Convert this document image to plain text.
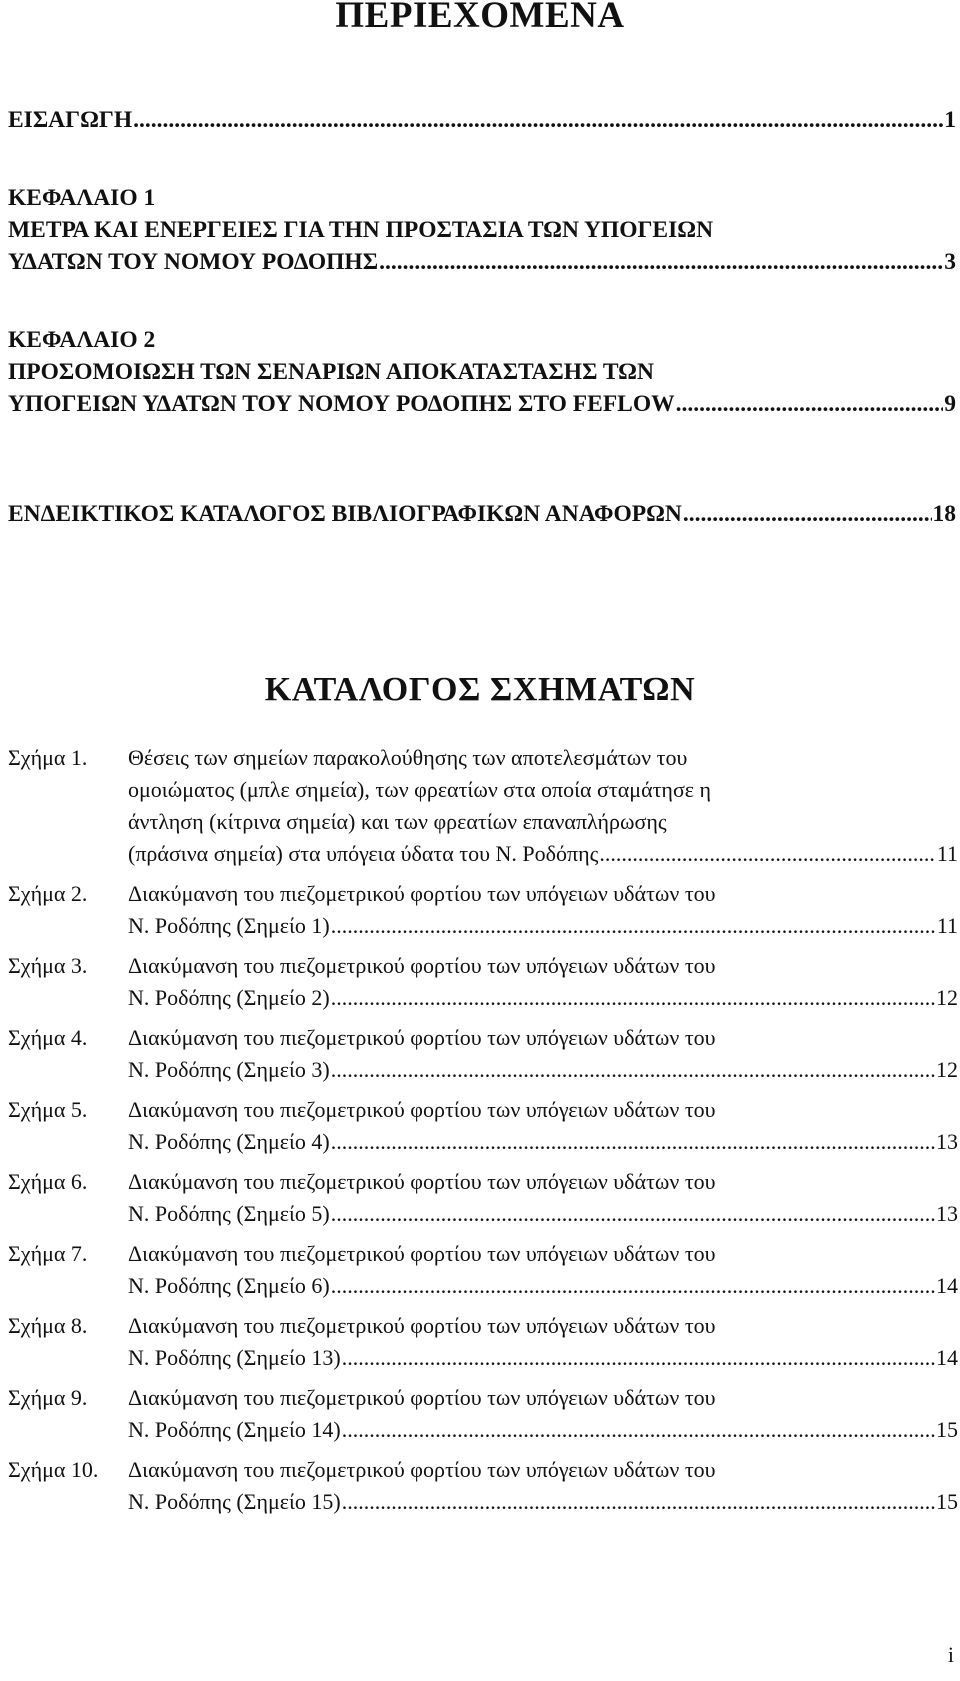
ΠΕΡΙΕΧΟΜΕΝΑ
ΕΙΣΑΓΩΓΗ .....	1
ΚΕΦΑΛΑΙΟ 1
ΜΕΤΡΑ ΚΑΙ ΕΝΕΡΓΕΙΕΣ ΓΙΑ ΤΗΝ ΠΡΟΣΤΑΣΙΑ ΤΩΝ ΥΠΟΓΕΙΩΝ
ΥΔΑΤΩΝ ΤΟΥ ΝΟΜΟΥ ΡΟΔΟΠΗΣ .....	3
ΚΕΦΑΛΑΙΟ 2
ΠΡΟΣΟΜΟΙΩΣΗ ΤΩΝ ΣΕΝΑΡΙΩΝ ΑΠΟΚΑΤΑΣΤΑΣΗΣ ΤΩΝ
ΥΠΟΓΕΙΩΝ ΥΔΑΤΩΝ ΤΟΥ ΝΟΜΟΥ ΡΟΔΟΠΗΣ ΣΤΟ FEFLOW .....	9
ΕΝΔΕΙΚΤΙΚΟΣ ΚΑΤΑΛΟΓΟΣ ΒΙΒΛΙΟΓΡΑΦΙΚΩΝ ΑΝΑΦΟΡΩΝ .....	18
ΚΑΤΑΛΟΓΟΣ ΣΧΗΜΑΤΩΝ
Σχήμα 1.	Θέσεις των σημείων παρακολούθησης των αποτελεσμάτων του
ομοιώματος (μπλε σημεία), των φρεατίων στα οποία σταμάτησε η
άντληση (κίτρινα σημεία) και των φρεατίων επαναπλήρωσης
(πράσινα σημεία) στα υπόγεια ύδατα του Ν. Ροδόπης .....	11
Σχήμα 2.	Διακύμανση του πιεζομετρικού φορτίου των υπόγειων υδάτων του
Ν. Ροδόπης (Σημείο 1) .....	11
Σχήμα 3.	Διακύμανση του πιεζομετρικού φορτίου των υπόγειων υδάτων του
Ν. Ροδόπης (Σημείο 2) .....	12
Σχήμα 4.	Διακύμανση του πιεζομετρικού φορτίου των υπόγειων υδάτων του
Ν. Ροδόπης (Σημείο 3) .....	12
Σχήμα 5.	Διακύμανση του πιεζομετρικού φορτίου των υπόγειων υδάτων του
Ν. Ροδόπης (Σημείο 4) .....	13
Σχήμα 6.	Διακύμανση του πιεζομετρικού φορτίου των υπόγειων υδάτων του
Ν. Ροδόπης (Σημείο 5) .....	13
Σχήμα 7.	Διακύμανση του πιεζομετρικού φορτίου των υπόγειων υδάτων του
Ν. Ροδόπης (Σημείο 6) .....	14
Σχήμα 8.	Διακύμανση του πιεζομετρικού φορτίου των υπόγειων υδάτων του
Ν. Ροδόπης (Σημείο 13) .....	14
Σχήμα 9.	Διακύμανση του πιεζομετρικού φορτίου των υπόγειων υδάτων του
Ν. Ροδόπης (Σημείο 14) .....	15
Σχήμα 10.	Διακύμανση του πιεζομετρικού φορτίου των υπόγειων υδάτων του
Ν. Ροδόπης (Σημείο 15) .....	15
i
